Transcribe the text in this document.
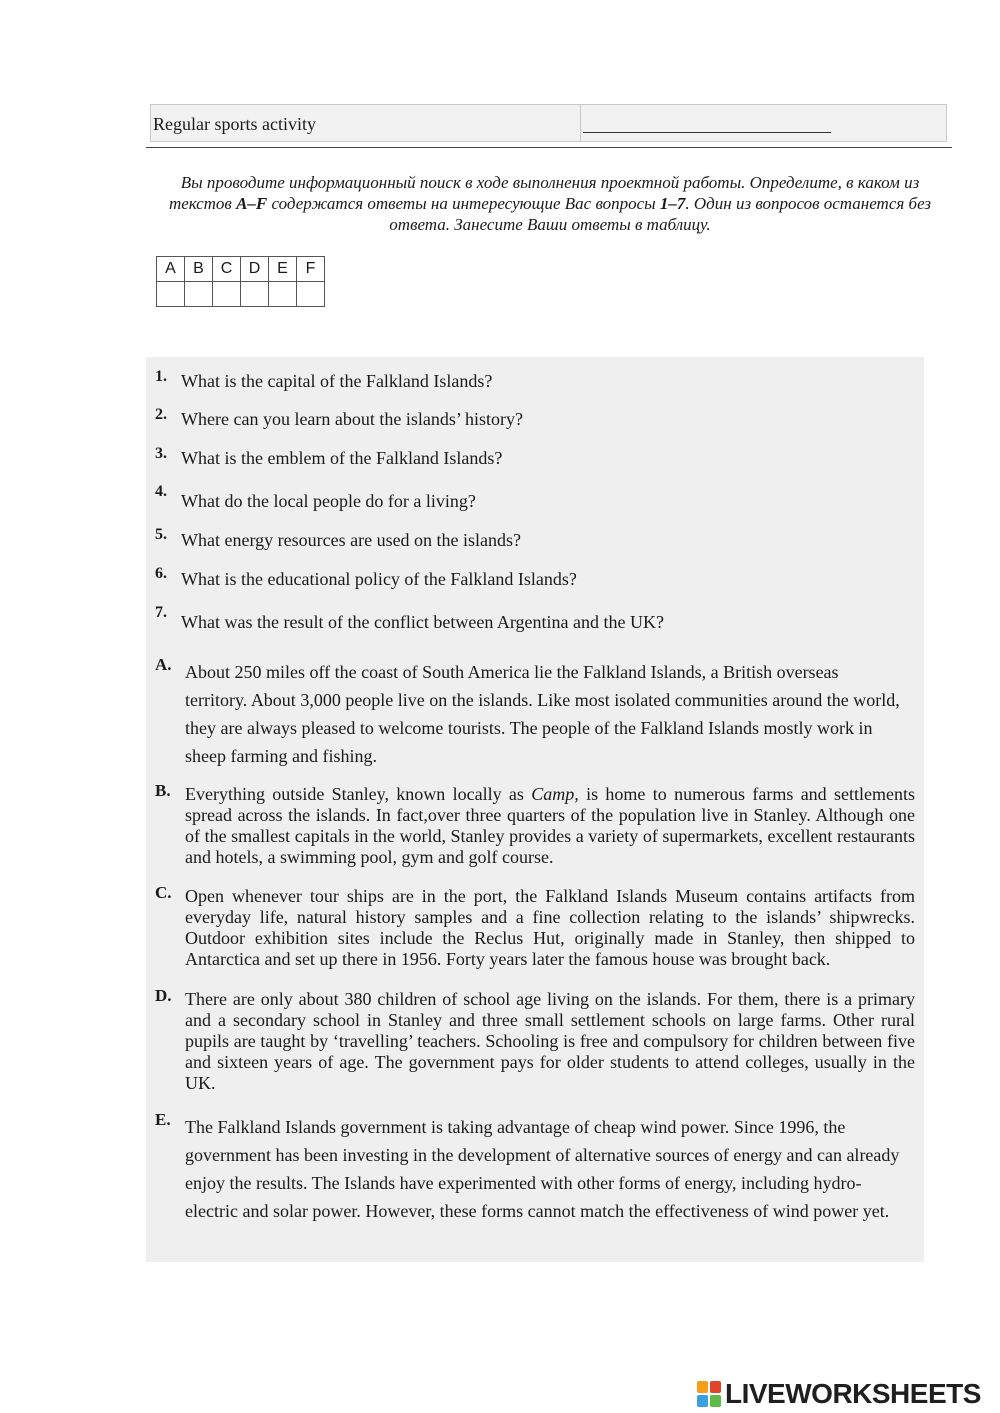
Regular sports activity
Вы проводите информационный поиск в ходе выполнения проектной работы. Определите, в каком из текстов A–F содержатся ответы на интересующие Вас вопросы 1–7. Один из вопросов останется без ответа. Занесите Ваши ответы в таблицу.
A	B	C	D	E	F

1. What is the capital of the Falkland Islands?
2. Where can you learn about the islands’ history?
3. What is the emblem of the Falkland Islands?
4. What do the local people do for a living?
5. What energy resources are used on the islands?
6. What is the educational policy of the Falkland Islands?
7. What was the result of the conflict between Argentina and the UK?
A. About 250 miles off the coast of South America lie the Falkland Islands, a British overseas territory. About 3,000 people live on the islands. Like most isolated communities around the world, they are always pleased to welcome tourists. The people of the Falkland Islands mostly work in sheep farming and fishing.
B. Everything outside Stanley, known locally as Camp, is home to numerous farms and settlements spread across the islands. In fact,over three quarters of the population live in Stanley. Although one of the smallest capitals in the world, Stanley provides a variety of supermarkets, excellent restaurants and hotels, a swimming pool, gym and golf course.
C. Open whenever tour ships are in the port, the Falkland Islands Museum contains artifacts from everyday life, natural history samples and a fine collection relating to the islands’ shipwrecks. Outdoor exhibition sites include the Reclus Hut, originally made in Stanley, then shipped to Antarctica and set up there in 1956. Forty years later the famous house was brought back.
D. There are only about 380 children of school age living on the islands. For them, there is a primary and a secondary school in Stanley and three small settlement schools on large farms. Other rural pupils are taught by ‘travelling’ teachers. Schooling is free and compulsory for children between five and sixteen years of age. The government pays for older students to attend colleges, usually in the UK.
E. The Falkland Islands government is taking advantage of cheap wind power. Since 1996, the government has been investing in the development of alternative sources of energy and can already enjoy the results. The Islands have experimented with other forms of energy, including hydro-electric and solar power. However, these forms cannot match the effectiveness of wind power yet.
LIVEWORKSHEETS
